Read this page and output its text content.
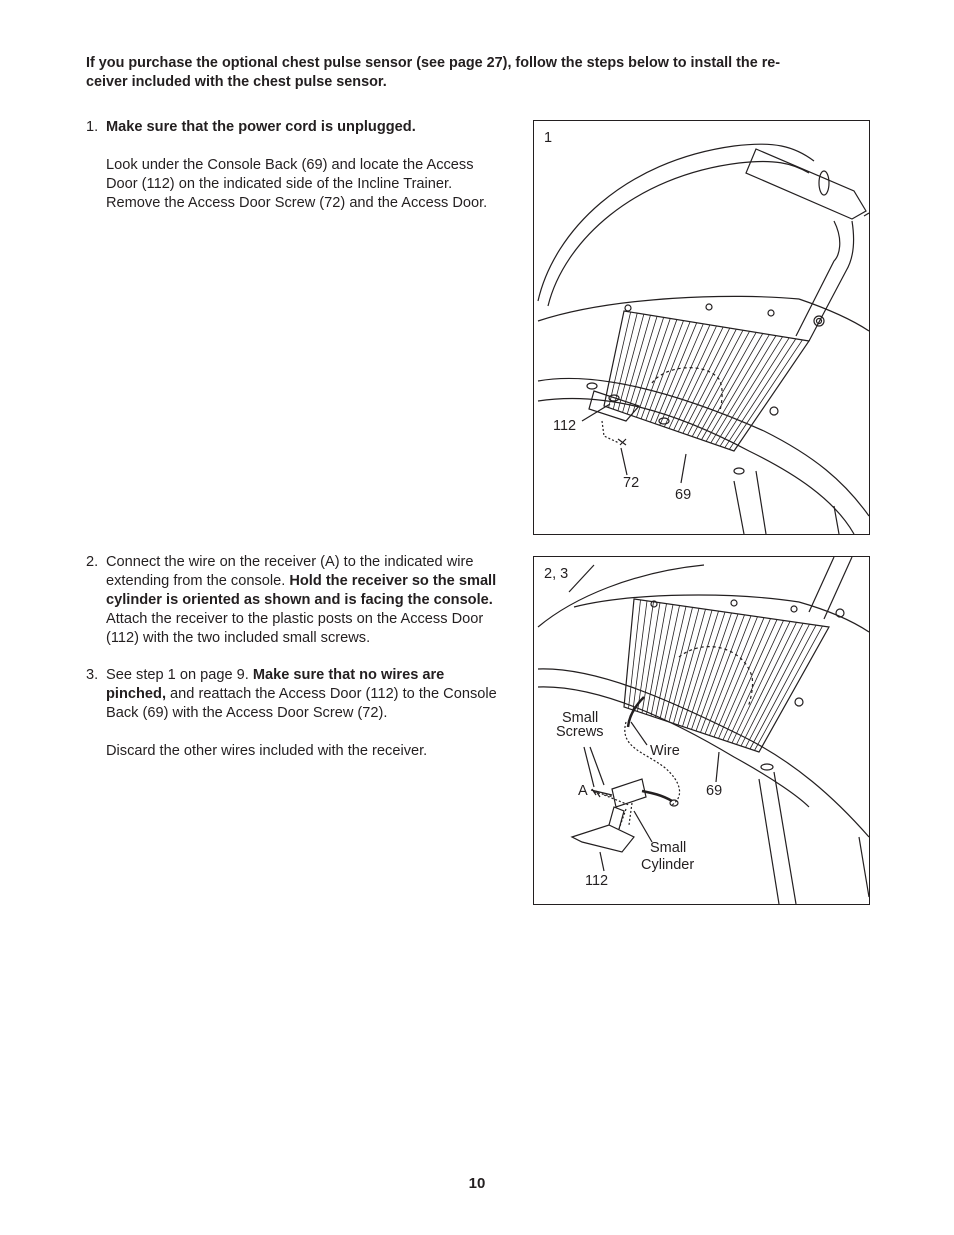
If you purchase the optional chest pulse sensor (see page 27), follow the steps below to install the re-
ceiver included with the chest pulse sensor.
1. Make sure that the power cord is unplugged.

Look under the Console Back (69) and locate the Access Door (112) on the indicated side of the Incline Trainer. Remove the Access Door Screw (72) and the Access Door.

2. Connect the wire on the receiver (A) to the indicated wire extending from the console. Hold the receiver so the small cylinder is oriented as shown and is facing the console. Attach the receiver to the plastic posts on the Access Door (112) with the two included small screws.

3. See step 1 on page 9. Make sure that no wires are pinched, and reattach the Access Door (112) to the Console Back (69) with the Access Door Screw (72).

Discard the other wires included with the receiver.

1
112
72
69
2, 3
Small
Screws
Wire
A	69
Small
Cylinder
112
10
